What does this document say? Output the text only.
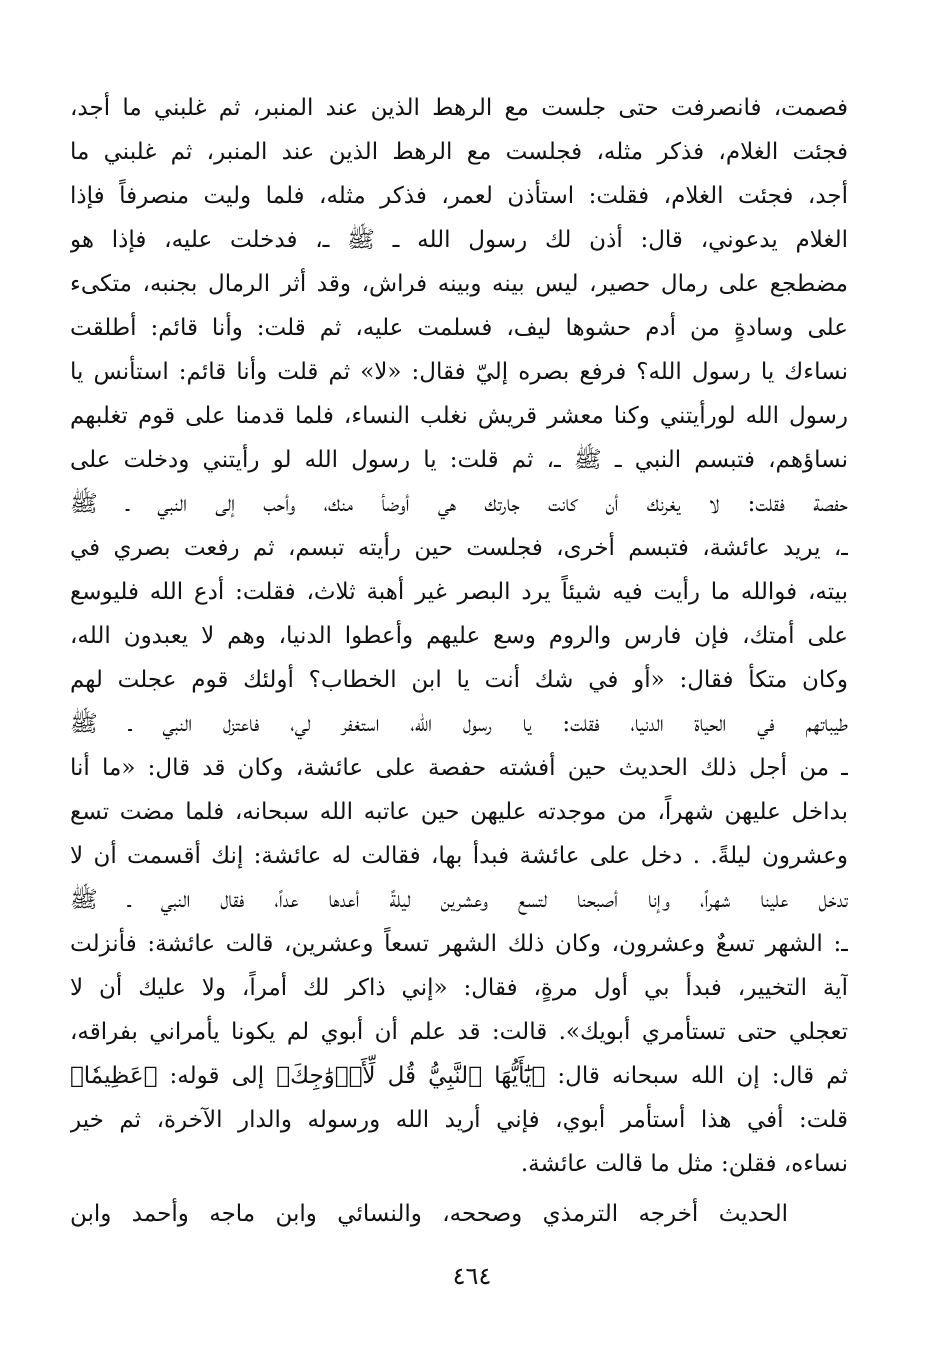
فصمت، فانصرفت حتى جلست مع الرهط الذين عند المنبر، ثم غلبني ما أجد،
فجئت الغلام، فذكر مثله، فجلست مع الرهط الذين عند المنبر، ثم غلبني ما
أجد، فجئت الغلام، فقلت: استأذن لعمر، فذكر مثله، فلما وليت منصرفاً فإذا
الغلام يدعوني، قال: أذن لك رسول الله ـ ﷺ ـ، فدخلت عليه، فإذا هو
مضطجع على رمال حصير، ليس بينه وبينه فراش، وقد أثر الرمال بجنبه، متكىء
على وسادةٍ من أدم حشوها ليف، فسلمت عليه، ثم قلت: وأنا قائم: أطلقت
نساءك يا رسول الله؟ فرفع بصره إليّ فقال: «لا» ثم قلت وأنا قائم: استأنس يا
رسول الله لورأيتني وكنا معشر قريش نغلب النساء، فلما قدمنا على قوم تغلبهم
نساؤهم، فتبسم النبي ـ ﷺ ـ، ثم قلت: يا رسول الله لو رأيتني ودخلت على
حفصة فقلت: لا يغرنك أن كانت جارتك هي أوضأ منك، وأحب إلى النبي ـ ﷺ
ـ، يريد عائشة، فتبسم أخرى، فجلست حين رأيته تبسم، ثم رفعت بصري في
بيته، فوالله ما رأيت فيه شيئاً يرد البصر غير أهبة ثلاث، فقلت: أدع الله فليوسع
على أمتك، فإن فارس والروم وسع عليهم وأعطوا الدنيا، وهم لا يعبدون الله،
وكان متكأ فقال: «أو في شك أنت يا ابن الخطاب؟ أولئك قوم عجلت لهم
طيباتهم في الحياة الدنيا، فقلت: يا رسول الله، استغفر لي، فاعتزل النبي ـ ﷺ
ـ من أجل ذلك الحديث حين أفشته حفصة على عائشة، وكان قد قال: «ما أنا
بداخل عليهن شهراً، من موجدته عليهن حين عاتبه الله سبحانه، فلما مضت تسع
وعشرون ليلةً. . دخل على عائشة فبدأ بها، فقالت له عائشة: إنك أقسمت أن لا
تدخل علينا شهراً، وإنا أصبحنا لتسع وعشرين ليلةً أعدها عداً، فقال النبي ـ ﷺ
ـ: الشهر تسعٌ وعشرون، وكان ذلك الشهر تسعاً وعشرين، قالت عائشة: فأنزلت
آية التخيير، فبدأ بي أول مرةٍ، فقال: «إني ذاكر لك أمراً، ولا عليك أن لا
تعجلي حتى تستأمري أبويك». قالت: قد علم أن أبوي لم يكونا يأمراني بفراقه،
ثم قال: إن الله سبحانه قال: ﴿يَٰٓأَيُّهَا ٱلنَّبِيُّ قُل لِّأَزۡوَٰجِكَ﴾ إلى قوله: ﴿عَظِيمٗا﴾
قلت: أفي هذا أستأمر أبوي، فإني أريد الله ورسوله والدار الآخرة، ثم خير
نساءه، فقلن: مثل ما قالت عائشة.
الحديث أخرجه الترمذي وصححه، والنسائي وابن ماجه وأحمد وابن
٤٦٤
